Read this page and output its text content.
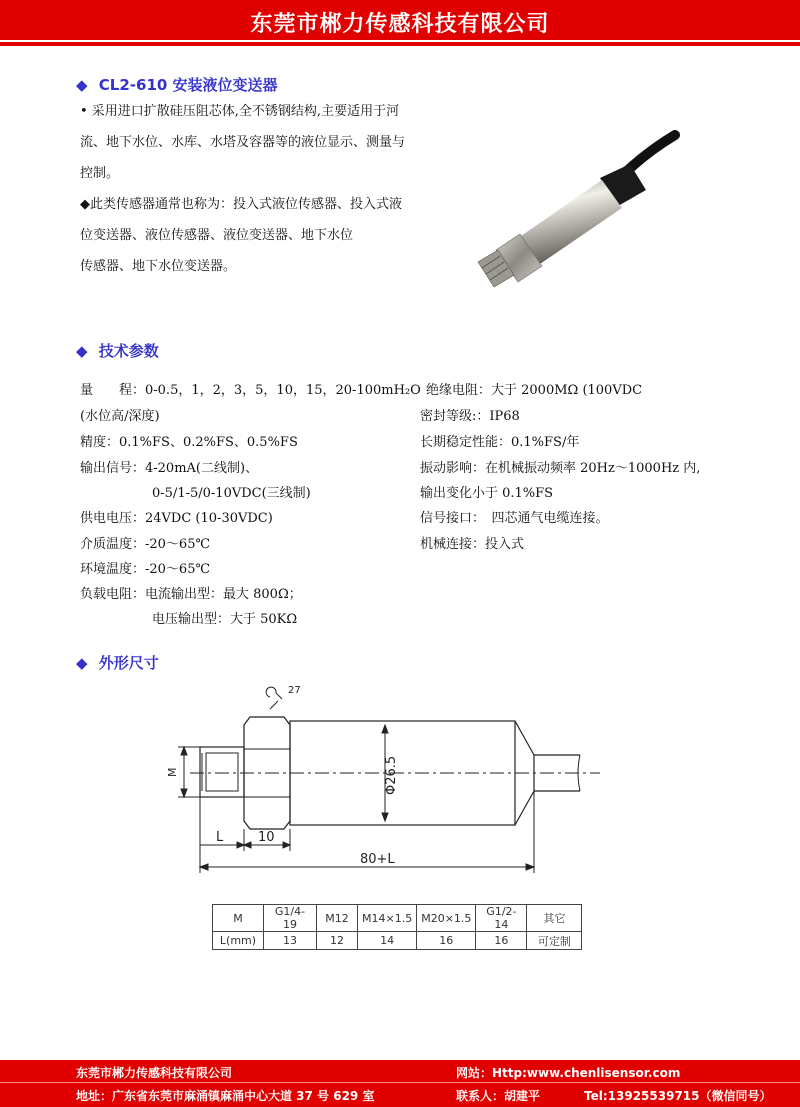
东莞市郴力传感科技有限公司
◆ CL2-610 安装液位变送器

• 采用进口扩散硅压阻芯体,全不锈钢结构,主要适用于河

流、地下水位、水库、水塔及容器等的液位显示、测量与

控制。

◆此类传感器通常也称为：投入式液位传感器、投入式液

位变送器、液位传感器、液位变送器、地下水位

传感器、地下水位变送器。

◆ 技术参数
量　　程：0-0.5，1，2，3，5，10，15，20-100mH₂O
(水位高/深度)
精度：0.1%FS、0.2%FS、0.5%FS
输出信号：4-20mA(二线制)、
0-5/1-5/0-10VDC(三线制)
供电电压：24VDC (10-30VDC)
介质温度：-20～65℃
环境温度：-20～65℃
负载电阻：电流输出型：最大 800Ω；
电压输出型：大于 50KΩ
绝缘电阻：大于 2000MΩ (100VDC
密封等级:：IP68
长期稳定性能：0.1%FS/年
振动影响：在机械振动频率 20Hz～1000Hz 内,
输出变化小于 0.1%FS
信号接口：　四芯通气电缆连接。
机械连接：投入式
◆ 外形尺寸
27
Φ26.5
M
L	10
80+L
M	G1/4-19	M12	M14×1.5	M20×1.5	G1/2-14	其它
L(mm)	13	12	14	16	16	可定制
东莞市郴力传感科技有限公司	网站：Http:www.chenlisensor.com
地址：广东省东莞市麻涌镇麻涌中心大道 37 号 629 室	联系人：胡建平	Tel:13925539715（微信同号）
